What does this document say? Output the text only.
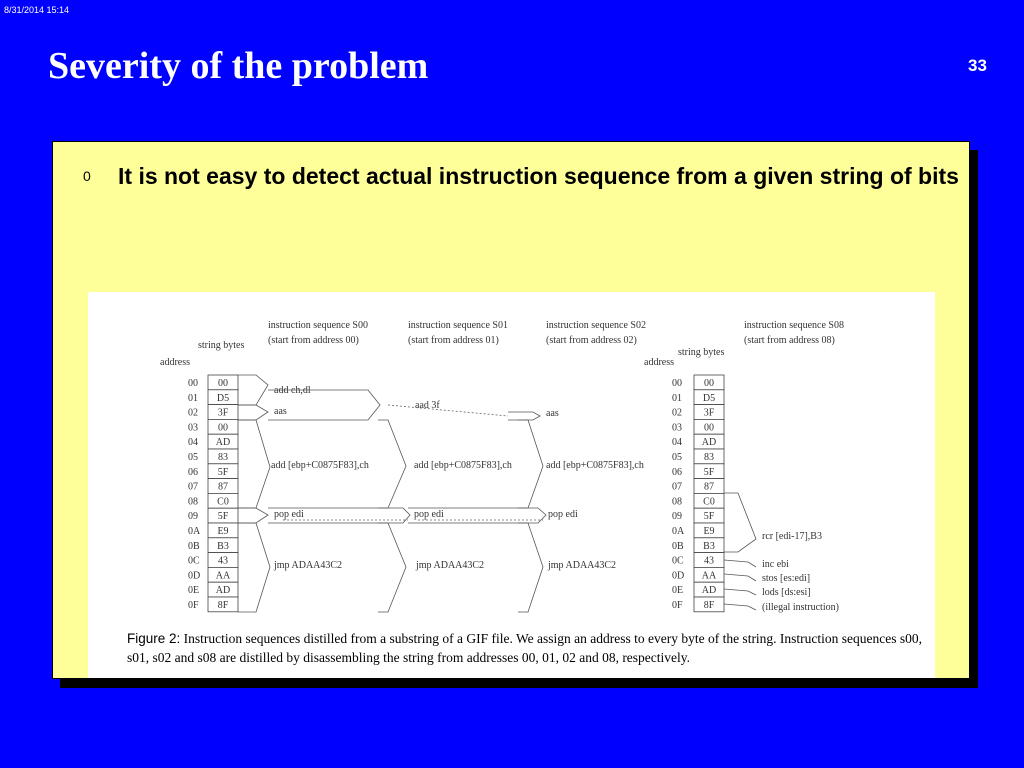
8/31/2014 15:14
Severity of the problem	33
0 It is not easy to detect actual instruction sequence from a given string of bits
address
string bytes
00 00
01 D5
02 3F
03 00
04 AD
05 83
06 5F
07 87
08 C0
09 5F
0A E9
0B B3
0C 43
0D AA
0E AD
0F 8F
address
string bytes
00 00
01 D5
02 3F
03 00
04 AD
05 83
06 5F
07 87
08 C0
09 5F
0A E9
0B B3
0C 43
0D AA
0E AD
0F 8F
instruction sequence S00
(start from address 00)
instruction sequence S01
(start from address 01)
instruction sequence S02
(start from address 02)
instruction sequence S08
(start from address 08)
add ch,dl
aas
add [ebp+C0875F83],ch
pop edi
jmp ADAA43C2
aad 3f
add [ebp+C0875F83],ch
pop edi
jmp ADAA43C2
aas
add [ebp+C0875F83],ch
pop edi
jmp ADAA43C2
rcr [edi-17],B3
inc ebi
stos [es:edi]
lods [ds:esi]
(illegal instruction)
Figure 2: Instruction sequences distilled from a substring of a GIF file. We assign an address to every byte of the string. Instruction sequences s00, s01, s02 and s08 are distilled by disassembling the string from addresses 00, 01, 02 and 08, respectively.
